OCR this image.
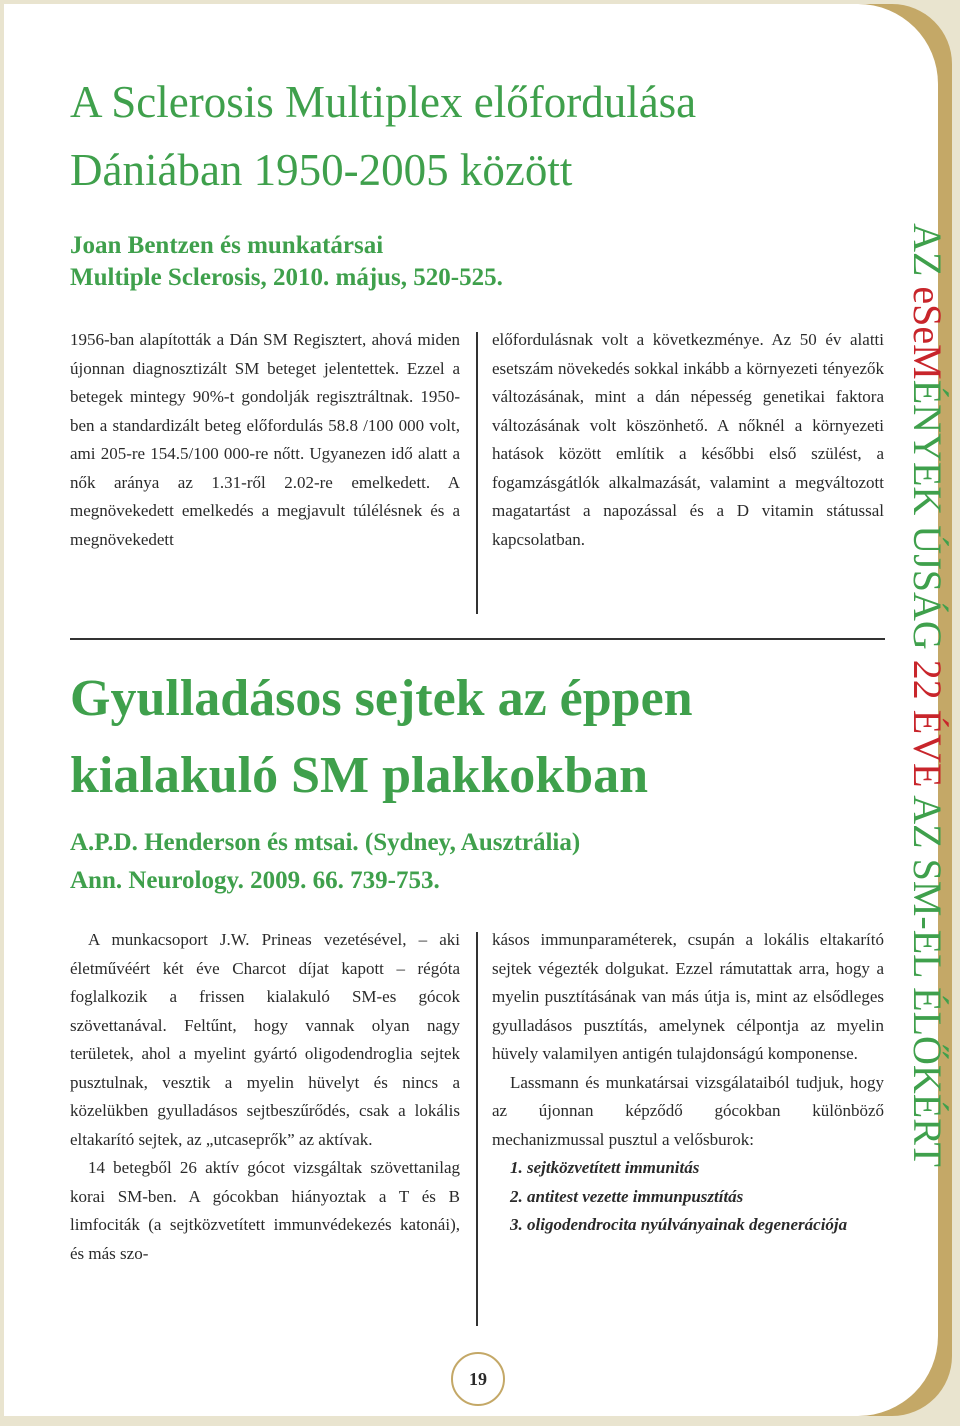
A Sclerosis Multiplex előfordulása
Dániában 1950-2005 között

Joan Bentzen és munkatársai
Multiple Sclerosis, 2010. május, 520-525.

1956-ban alapították a Dán SM Regisztert, ahová miden újonnan diagnosztizált SM beteget jelentettek. Ezzel a betegek mintegy 90%-t gondolják regisztráltnak. 1950-ben a standardizált beteg előfordulás 58.8 /100 000 volt, ami 205-re 154.5/100 000-re nőtt. Ugyanezen idő alatt a nők aránya az 1.31-ről 2.02-re emelkedett. A megnövekedett emelkedés a megjavult túlélésnek és a megnövekedett

előfordulásnak volt a következménye. Az 50 év alatti esetszám növekedés sokkal inkább a környezeti tényezők változásának, mint a dán népesség genetikai faktora változásának volt köszönhető. A nőknél a környezeti hatások között említik a későbbi első szülést, a fogamzásgátlók alkalmazását, valamint a megváltozott magatartást a napozással és a D vitamin státussal kapcsolatban.

Gyulladásos sejtek az éppen
kialakuló SM plakkokban

A.P.D. Henderson és mtsai. (Sydney, Ausztrália)
Ann. Neurology. 2009. 66. 739-753.

A munkacsoport J.W. Prineas vezetésével, – aki életművéért két éve Charcot díjat kapott – régóta foglalkozik a frissen kialakuló SM-es gócok szövettanával. Feltűnt, hogy vannak olyan nagy területek, ahol a myelint gyártó oligodendroglia sejtek pusztulnak, vesztik a myelin hüvelyt és nincs a közelükben gyulladásos sejtbeszűrődés, csak a lokális eltakarító sejtek, az „utcaseprők” az aktívak.

14 betegből 26 aktív gócot vizsgáltak szövettanilag korai SM-ben. A gócokban hiányoztak a T és B limfociták (a sejtközvetített immunvédekezés katonái), és más szo-

kásos immunparaméterek, csupán a lokális eltakarító sejtek végezték dolgukat. Ezzel rámutattak arra, hogy a myelin pusztításának van más útja is, mint az elsődleges gyulladásos pusztítás, amelynek célpontja az myelin hüvely valamilyen antigén tulajdonságú komponense.

Lassmann és munkatársai vizsgálataiból tudjuk, hogy az újonnan képződő gócokban különböző mechanizmussal pusztul a velősburok:

1. sejtközvetített immunitás
2. antitest vezette immunpusztítás
3. oligodendrocita nyúlványainak degenerációja
19
AZ eSeMÉNYEK ÚJSÁG 22 ÉVE AZ SM-EL ÉLŐKÉRT
